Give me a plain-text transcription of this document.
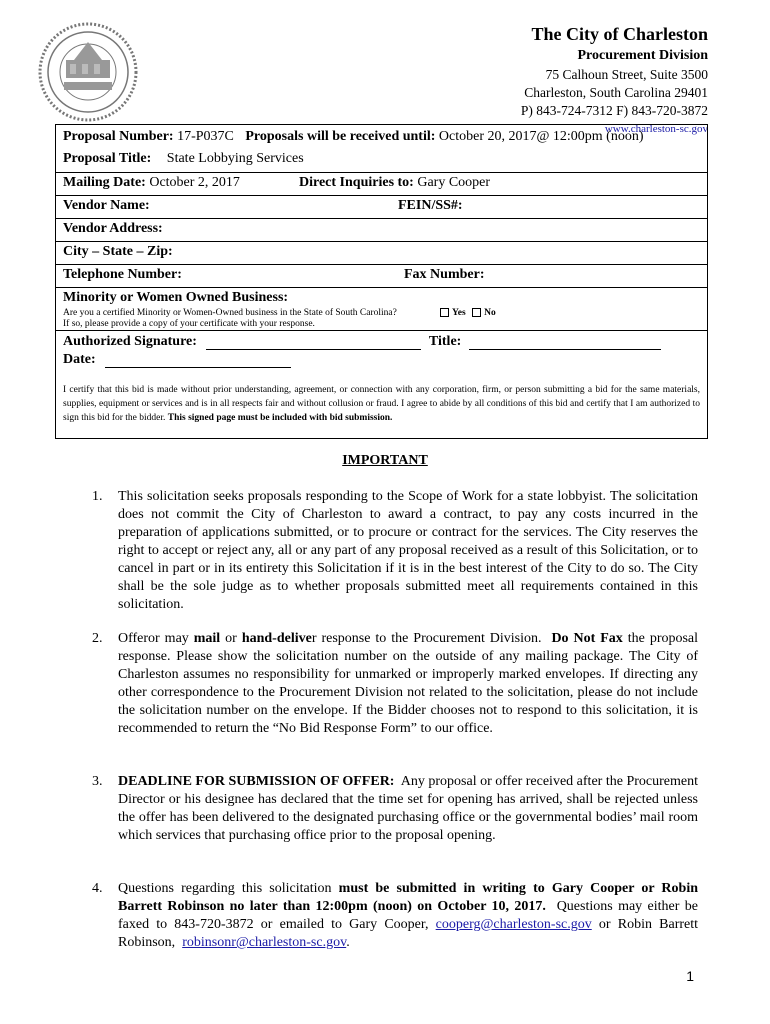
The City of Charleston
Procurement Division
75 Calhoun Street, Suite 3500
Charleston, South Carolina 29401
P) 843-724-7312 F) 843-720-3872
www.charleston-sc.gov
Proposal Number: 17-P037C Proposals will be received until: October 20, 2017@ 12:00pm (noon)
Proposal Title: State Lobbying Services
Mailing Date: October 2, 2017	Direct Inquiries to: Gary Cooper
Vendor Name:	FEIN/SS#:
Vendor Address:
City – State – Zip:
Telephone Number:	Fax Number:
Minority or Women Owned Business:
Are you a certified Minority or Women-Owned business in the State of South Carolina?	Yes No
If so, please provide a copy of your certificate with your response.
Authorized Signature:	Title:
Date:
I certify that this bid is made without prior understanding, agreement, or connection with any corporation, firm, or person submitting a bid for the same materials, supplies, equipment or services and is in all respects fair and without collusion or fraud. I agree to abide by all conditions of this bid and certify that I am authorized to sign this bid for the bidder. This signed page must be included with bid submission.
IMPORTANT
1. This solicitation seeks proposals responding to the Scope of Work for a state lobbyist. The solicitation does not commit the City of Charleston to award a contract, to pay any costs incurred in the preparation of applications submitted, or to procure or contract for the services. The City reserves the right to accept or reject any, all or any part of any proposal received as a result of this Solicitation, or to cancel in part or in its entirety this Solicitation if it is in the best interest of the City to do so. The City shall be the sole judge as to whether proposals submitted meet all requirements contained in this solicitation.
2. Offeror may mail or hand-deliver response to the Procurement Division. Do Not Fax the proposal response. Please show the solicitation number on the outside of any mailing package. The City of Charleston assumes no responsibility for unmarked or improperly marked envelopes. If directing any other correspondence to the Procurement Division not related to the solicitation, please do not include the solicitation number on the envelope. If the Bidder chooses not to respond to this solicitation, it is recommended to return the “No Bid Response Form” to our office.
3. DEADLINE FOR SUBMISSION OF OFFER: Any proposal or offer received after the Procurement Director or his designee has declared that the time set for opening has arrived, shall be rejected unless the offer has been delivered to the designated purchasing office or the governmental bodies’ mail room which services that purchasing office prior to the proposal opening.
4. Questions regarding this solicitation must be submitted in writing to Gary Cooper or Robin Barrett Robinson no later than 12:00pm (noon) on October 10, 2017. Questions may either be faxed to 843-720-3872 or emailed to Gary Cooper, cooperg@charleston-sc.gov or Robin Barrett Robinson, robinsonr@charleston-sc.gov.
1
